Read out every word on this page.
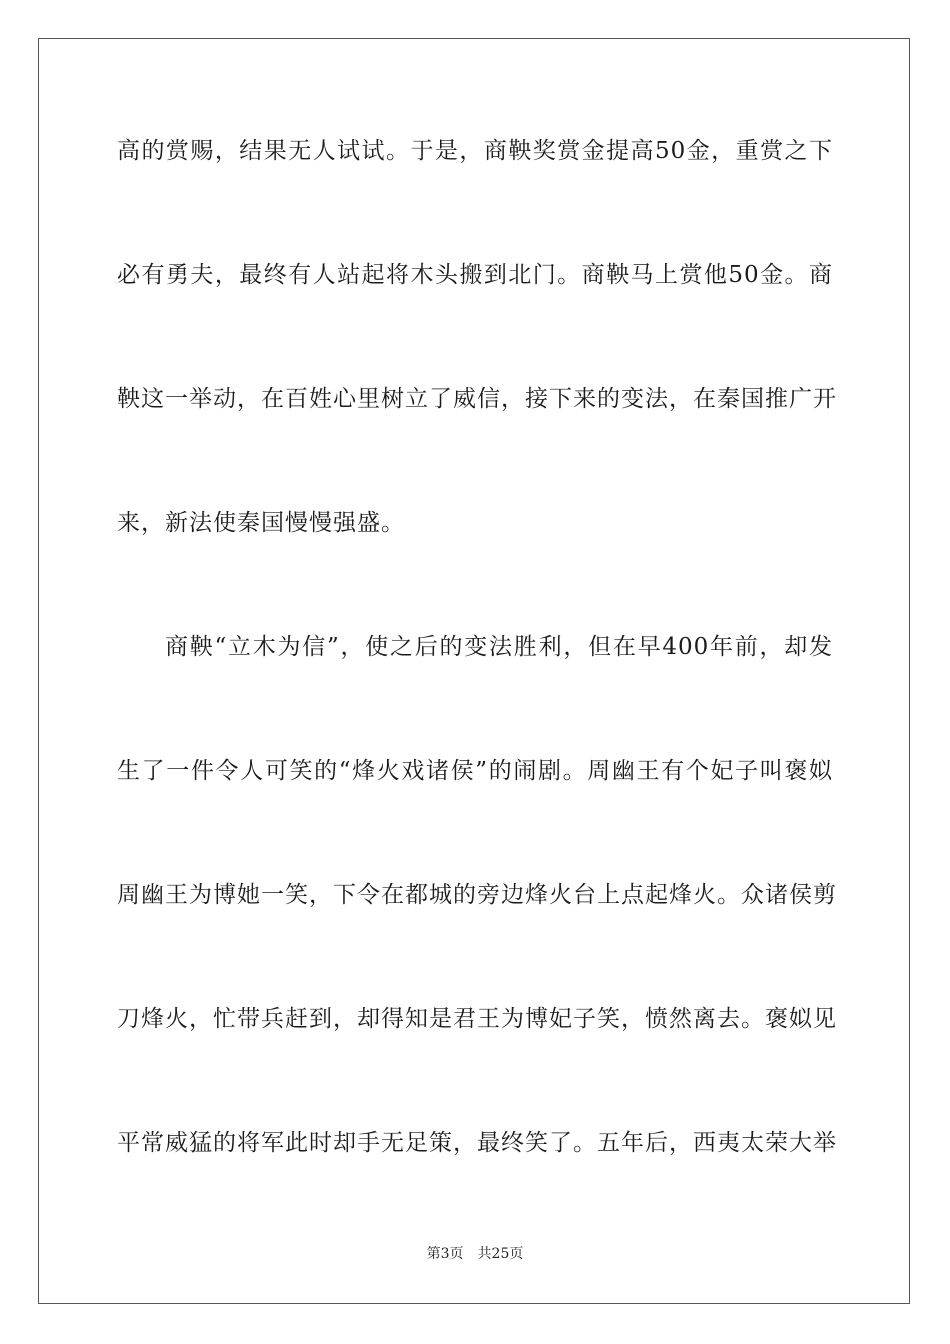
高的赏赐，结果无人试试。于是，商鞅奖赏金提高50金，重赏之下
必有勇夫，最终有人站起将木头搬到北门。商鞅马上赏他50金。商
鞅这一举动，在百姓心里树立了威信，接下来的变法，在秦国推广开
来，新法使秦国慢慢强盛。
商鞅“立木为信”，使之后的变法胜利，但在早400年前，却发
生了一件令人可笑的“烽火戏诸侯”的闹剧。周幽王有个妃子叫褒姒
周幽王为博她一笑，下令在都城的旁边烽火台上点起烽火。众诸侯剪
刀烽火，忙带兵赶到，却得知是君王为博妃子笑，愤然离去。褒姒见
平常威猛的将军此时却手无足策，最终笑了。五年后，西夷太荣大举
第3页 共25页
